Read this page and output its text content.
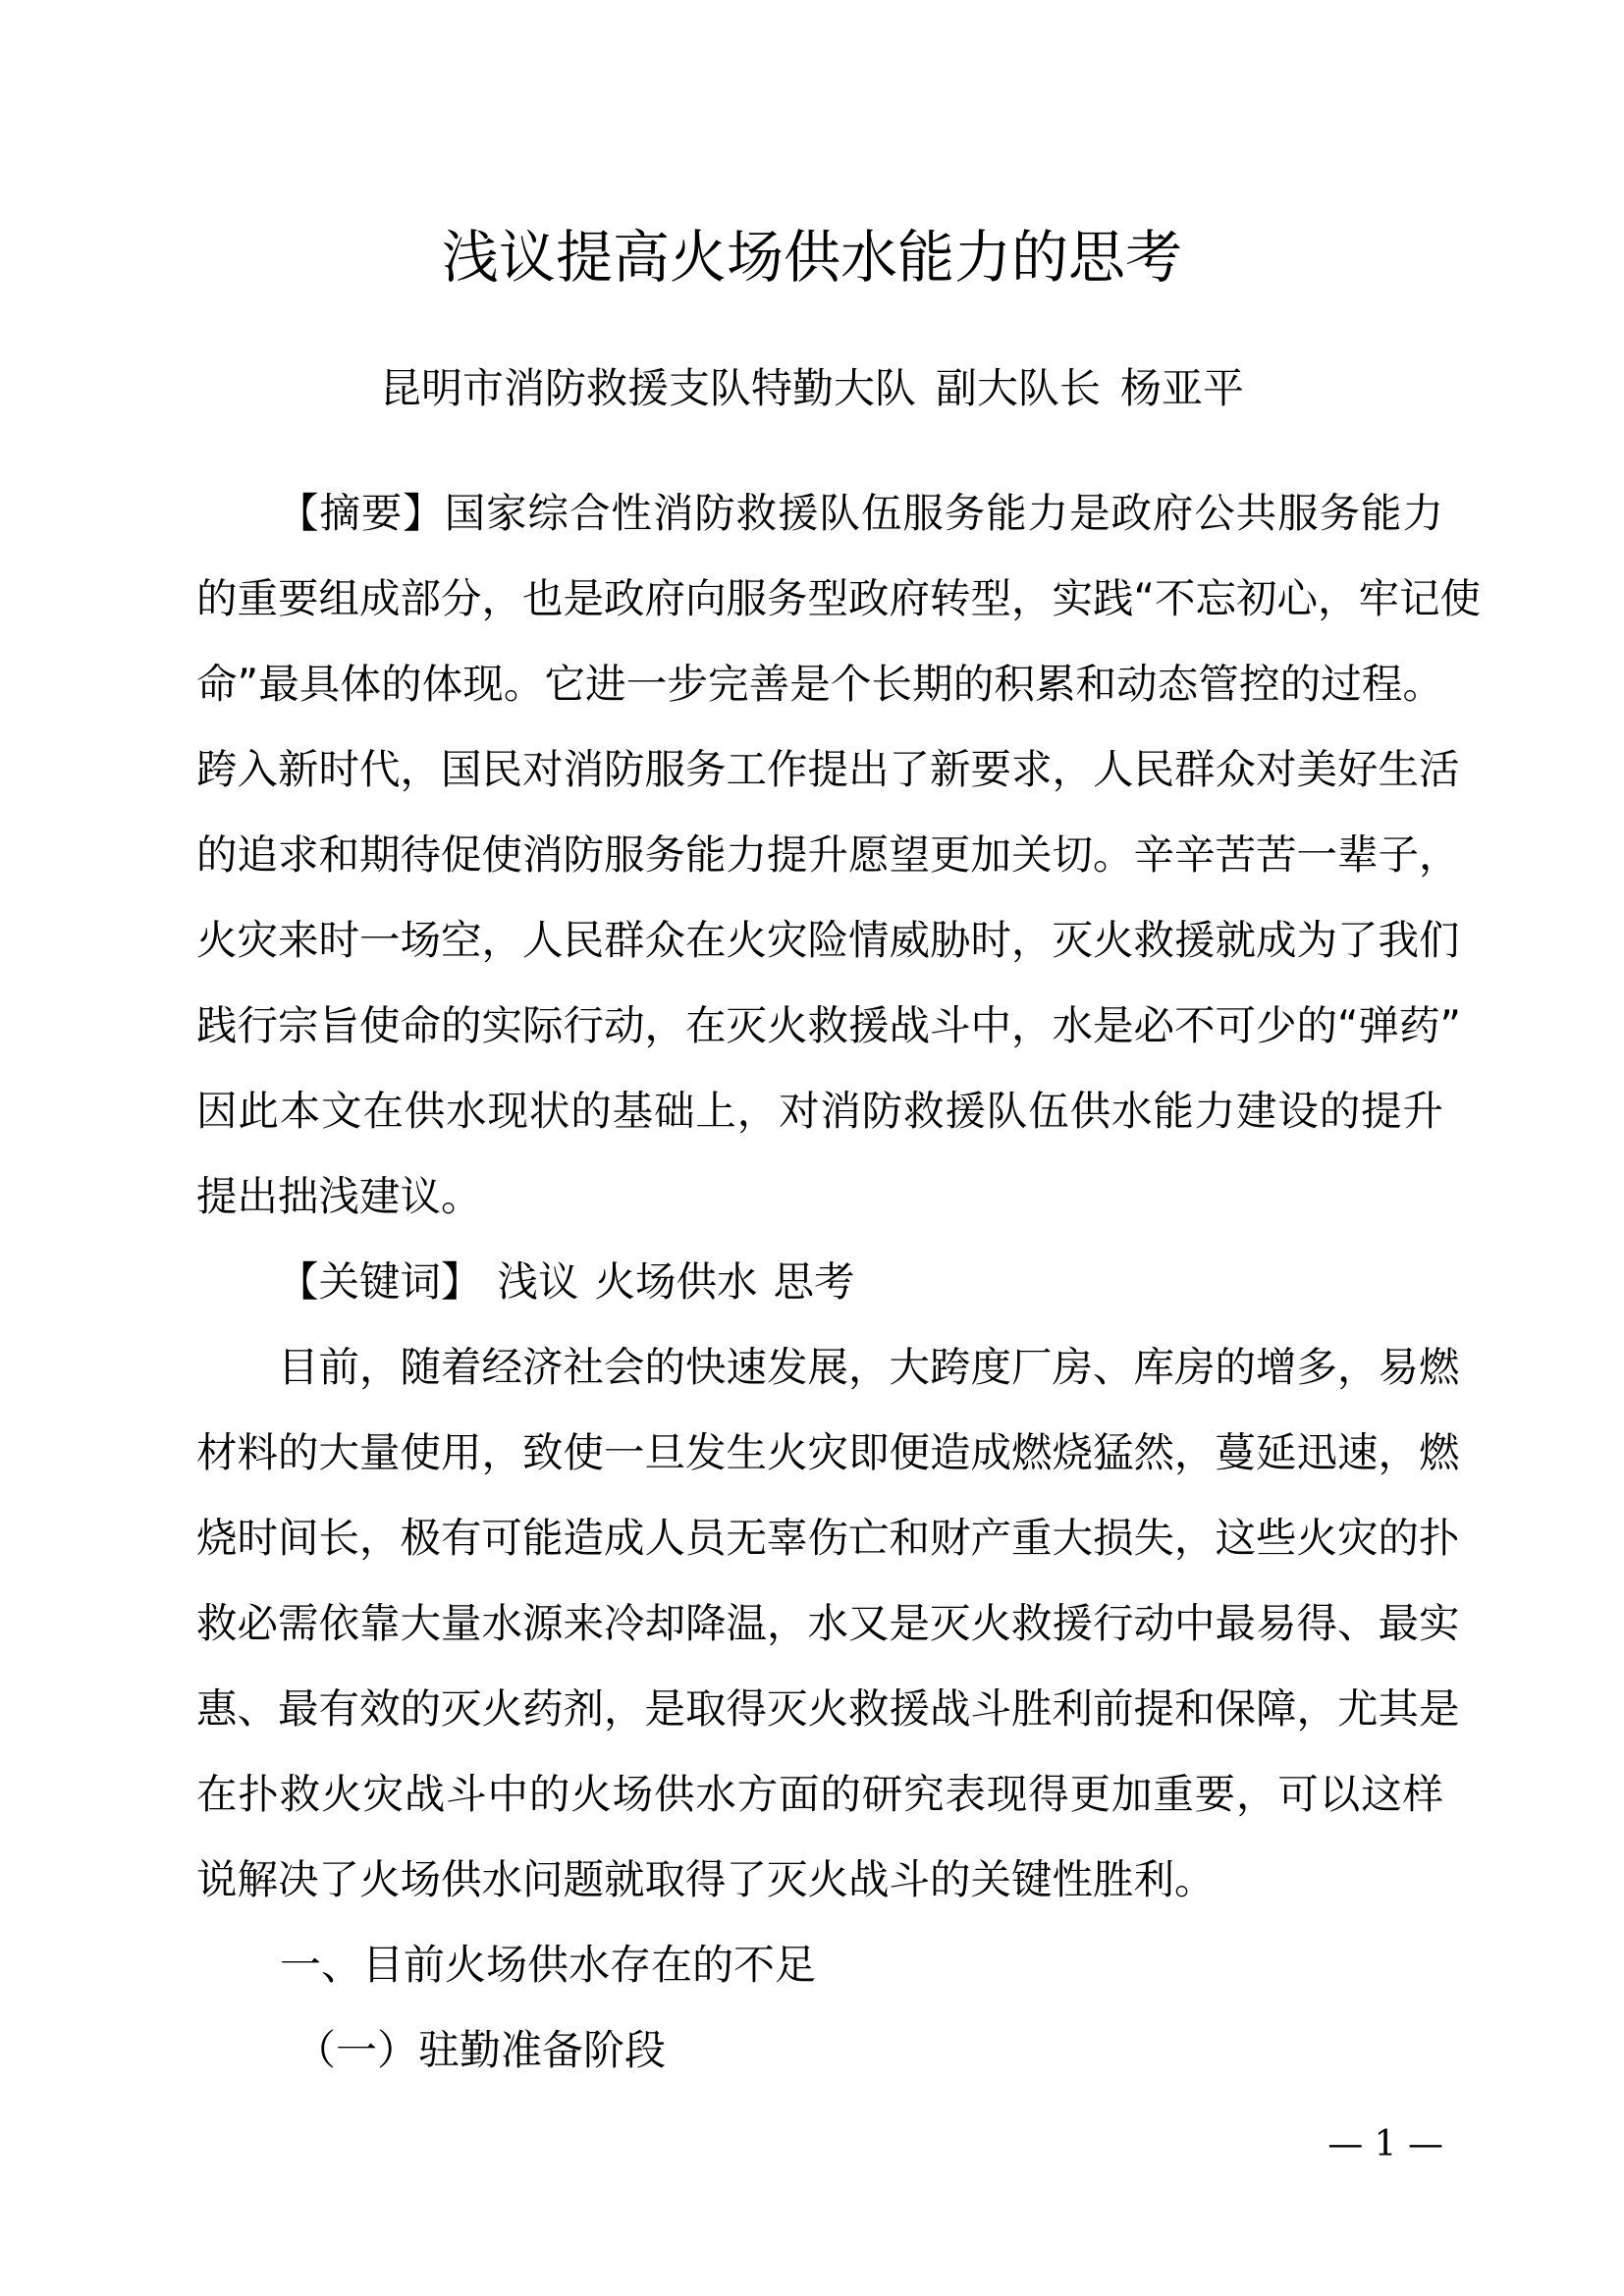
浅议提高火场供水能力的思考
昆明市消防救援支队特勤大队 副大队长 杨亚平
【摘要】国家综合性消防救援队伍服务能力是政府公共服务能力
的重要组成部分，也是政府向服务型政府转型，实践“不忘初心，牢记使
命”最具体的体现。它进一步完善是个长期的积累和动态管控的过程。
跨入新时代，国民对消防服务工作提出了新要求，人民群众对美好生活
的追求和期待促使消防服务能力提升愿望更加关切。辛辛苦苦一辈子，
火灾来时一场空，人民群众在火灾险情威胁时，灭火救援就成为了我们
践行宗旨使命的实际行动，在灭火救援战斗中，水是必不可少的“弹药”
因此本文在供水现状的基础上，对消防救援队伍供水能力建设的提升
提出拙浅建议。
【关键词】 浅议 火场供水 思考
目前，随着经济社会的快速发展，大跨度厂房、库房的增多，易燃
材料的大量使用，致使一旦发生火灾即便造成燃烧猛然，蔓延迅速，燃
烧时间长，极有可能造成人员无辜伤亡和财产重大损失，这些火灾的扑
救必需依靠大量水源来冷却降温，水又是灭火救援行动中最易得、最实
惠、最有效的灭火药剂，是取得灭火救援战斗胜利前提和保障，尤其是
在扑救火灾战斗中的火场供水方面的研究表现得更加重要，可以这样
说解决了火场供水问题就取得了灭火战斗的关键性胜利。
一、目前火场供水存在的不足
（一）驻勤准备阶段
— 1 —
